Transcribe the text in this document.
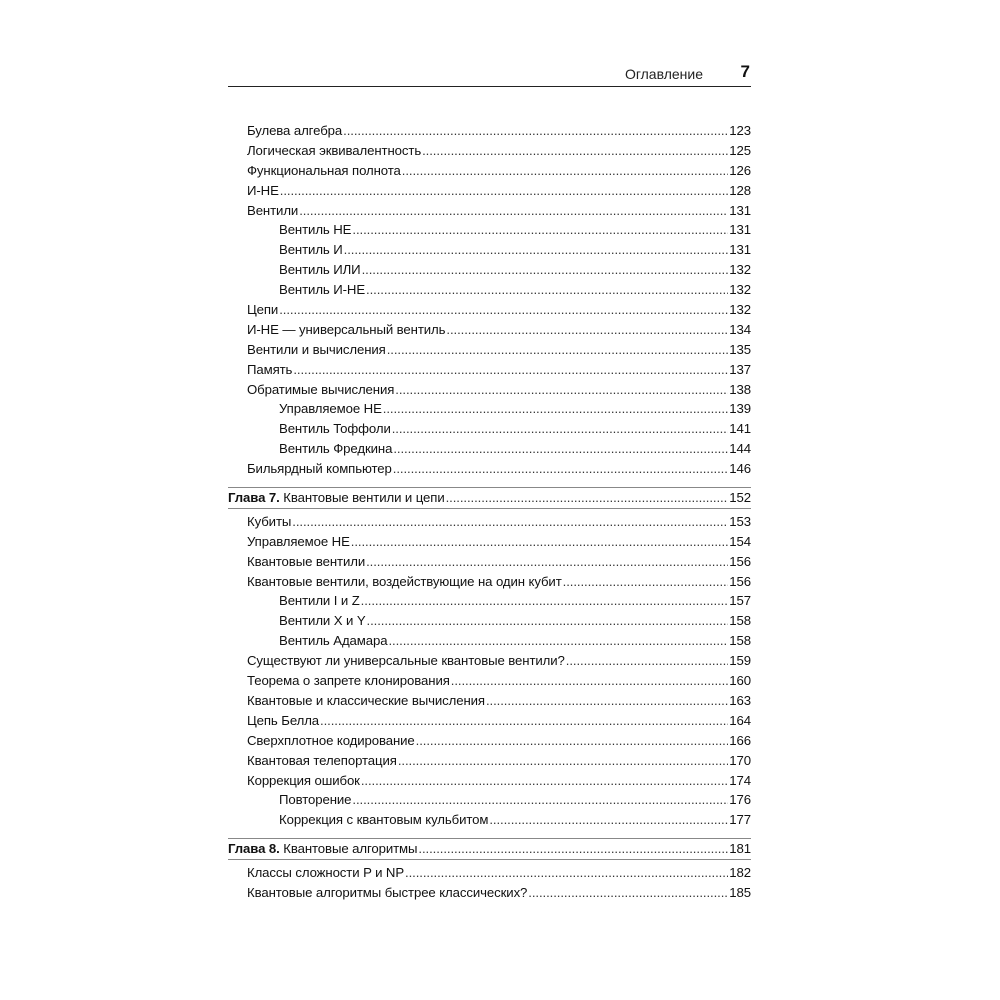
Оглавление 7
Булева алгебра .....	123
Логическая эквивалентность .....	125
Функциональная полнота .....	126
И-НЕ .....	128
Вентили .....	131
Вентиль НЕ .....	131
Вентиль И .....	131
Вентиль ИЛИ .....	132
Вентиль И-НЕ .....	132
Цепи .....	132
И-НЕ — универсальный вентиль .....	134
Вентили и вычисления .....	135
Память .....	137
Обратимые вычисления .....	138
Управляемое НЕ .....	139
Вентиль Тоффоли .....	141
Вентиль Фредкина .....	144
Бильярдный компьютер .....	146
Глава 7. Квантовые вентили и цепи .....	152
Кубиты .....	153
Управляемое НЕ .....	154
Квантовые вентили .....	156
Квантовые вентили, воздействующие на один кубит .....	156
Вентили I и Z .....	157
Вентили X и Y .....	158
Вентиль Адамара .....	158
Существуют ли универсальные квантовые вентили? .....	159
Теорема о запрете клонирования .....	160
Квантовые и классические вычисления .....	163
Цепь Белла .....	164
Сверхплотное кодирование .....	166
Квантовая телепортация .....	170
Коррекция ошибок .....	174
Повторение .....	176
Коррекция с квантовым кульбитом .....	177
Глава 8. Квантовые алгоритмы .....	181
Классы сложности P и NP .....	182
Квантовые алгоритмы быстрее классических? .....	185
